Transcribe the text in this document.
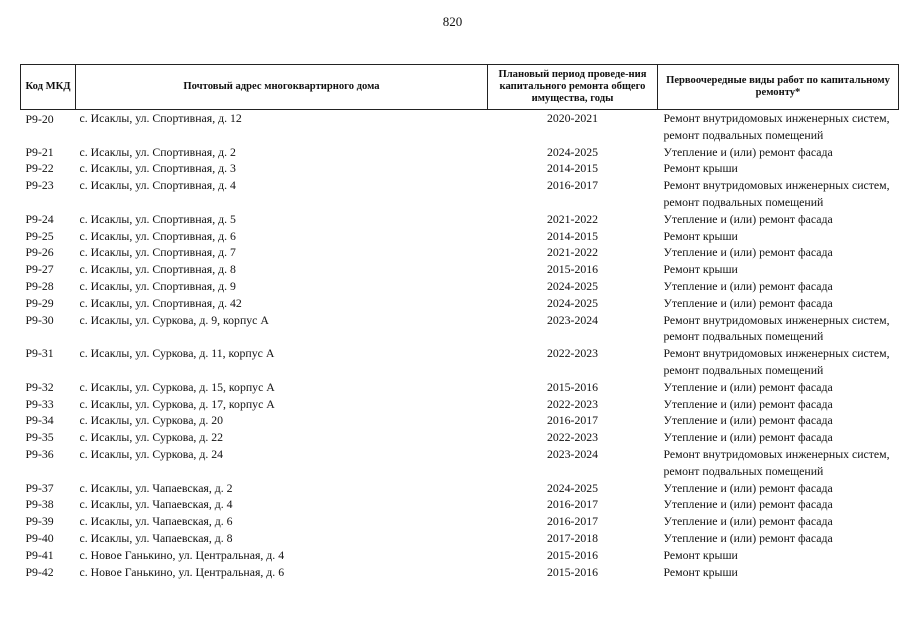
820
Код МКД	Почтовый адрес многоквартирного дома	Плановый период проведе-ния капитального ремонта общего имущества, годы	Первоочередные виды работ по капитальному ремонту*
Р9-20	с. Исаклы, ул. Спортивная, д. 12	2020-2021	Ремонт внутридомовых инженерных систем, ремонт подвальных помещений
Р9-21	с. Исаклы, ул. Спортивная, д. 2	2024-2025	Утепление и (или) ремонт фасада
Р9-22	с. Исаклы, ул. Спортивная, д. 3	2014-2015	Ремонт крыши
Р9-23	с. Исаклы, ул. Спортивная, д. 4	2016-2017	Ремонт внутридомовых инженерных систем, ремонт подвальных помещений
Р9-24	с. Исаклы, ул. Спортивная, д. 5	2021-2022	Утепление и (или) ремонт фасада
Р9-25	с. Исаклы, ул. Спортивная, д. 6	2014-2015	Ремонт крыши
Р9-26	с. Исаклы, ул. Спортивная, д. 7	2021-2022	Утепление и (или) ремонт фасада
Р9-27	с. Исаклы, ул. Спортивная, д. 8	2015-2016	Ремонт крыши
Р9-28	с. Исаклы, ул. Спортивная, д. 9	2024-2025	Утепление и (или) ремонт фасада
Р9-29	с. Исаклы, ул. Спортивная, д. 42	2024-2025	Утепление и (или) ремонт фасада
Р9-30	с. Исаклы, ул. Суркова, д. 9, корпус А	2023-2024	Ремонт внутридомовых инженерных систем, ремонт подвальных помещений
Р9-31	с. Исаклы, ул. Суркова, д. 11, корпус А	2022-2023	Ремонт внутридомовых инженерных систем, ремонт подвальных помещений
Р9-32	с. Исаклы, ул. Суркова, д. 15, корпус А	2015-2016	Утепление и (или) ремонт фасада
Р9-33	с. Исаклы, ул. Суркова, д. 17, корпус А	2022-2023	Утепление и (или) ремонт фасада
Р9-34	с. Исаклы, ул. Суркова, д. 20	2016-2017	Утепление и (или) ремонт фасада
Р9-35	с. Исаклы, ул. Суркова, д. 22	2022-2023	Утепление и (или) ремонт фасада
Р9-36	с. Исаклы, ул. Суркова, д. 24	2023-2024	Ремонт внутридомовых инженерных систем, ремонт подвальных помещений
Р9-37	с. Исаклы, ул. Чапаевская, д. 2	2024-2025	Утепление и (или) ремонт фасада
Р9-38	с. Исаклы, ул. Чапаевская, д. 4	2016-2017	Утепление и (или) ремонт фасада
Р9-39	с. Исаклы, ул. Чапаевская, д. 6	2016-2017	Утепление и (или) ремонт фасада
Р9-40	с. Исаклы, ул. Чапаевская, д. 8	2017-2018	Утепление и (или) ремонт фасада
Р9-41	с. Новое Ганькино, ул. Центральная, д. 4	2015-2016	Ремонт крыши
Р9-42	с. Новое Ганькино, ул. Центральная, д. 6	2015-2016	Ремонт крыши
